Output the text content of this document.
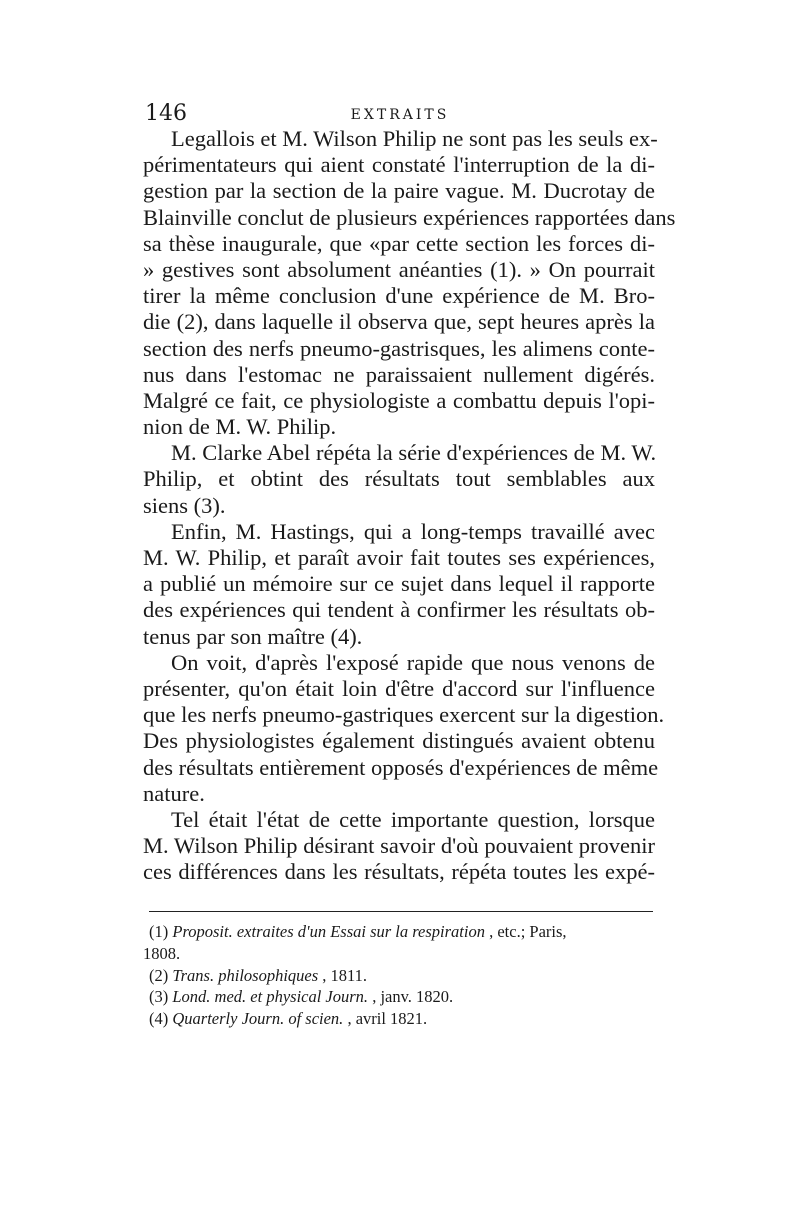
146	EXTRAITS
Legallois et M. Wilson Philip ne sont pas les seuls ex-
périmentateurs qui aient constaté l'interruption de la di-
gestion par la section de la paire vague. M. Ducrotay de
Blainville conclut de plusieurs expériences rapportées dans
sa thèse inaugurale, que «par cette section les forces di-
» gestives sont absolument anéanties (1). » On pourrait
tirer la même conclusion d'une expérience de M. Bro-
die (2), dans laquelle il observa que, sept heures après la
section des nerfs pneumo-gastrisques, les alimens conte-
nus dans l'estomac ne paraissaient nullement digérés.
Malgré ce fait, ce physiologiste a combattu depuis l'opi-
nion de M. W. Philip.
M. Clarke Abel répéta la série d'expériences de M. W.
Philip, et obtint des résultats tout semblables aux
siens (3).
Enfin, M. Hastings, qui a long-temps travaillé avec
M. W. Philip, et paraît avoir fait toutes ses expériences,
a publié un mémoire sur ce sujet dans lequel il rapporte
des expériences qui tendent à confirmer les résultats ob-
tenus par son maître (4).
On voit, d'après l'exposé rapide que nous venons de
présenter, qu'on était loin d'être d'accord sur l'influence
que les nerfs pneumo-gastriques exercent sur la digestion.
Des physiologistes également distingués avaient obtenu
des résultats entièrement opposés d'expériences de même
nature.
Tel était l'état de cette importante question, lorsque
M. Wilson Philip désirant savoir d'où pouvaient provenir
ces différences dans les résultats, répéta toutes les expé-
(1) Proposit. extraites d'un Essai sur la respiration , etc.; Paris,
1808.
(2) Trans. philosophiques , 1811.
(3) Lond. med. et physical Journ. , janv. 1820.
(4) Quarterly Journ. of scien. , avril 1821.
